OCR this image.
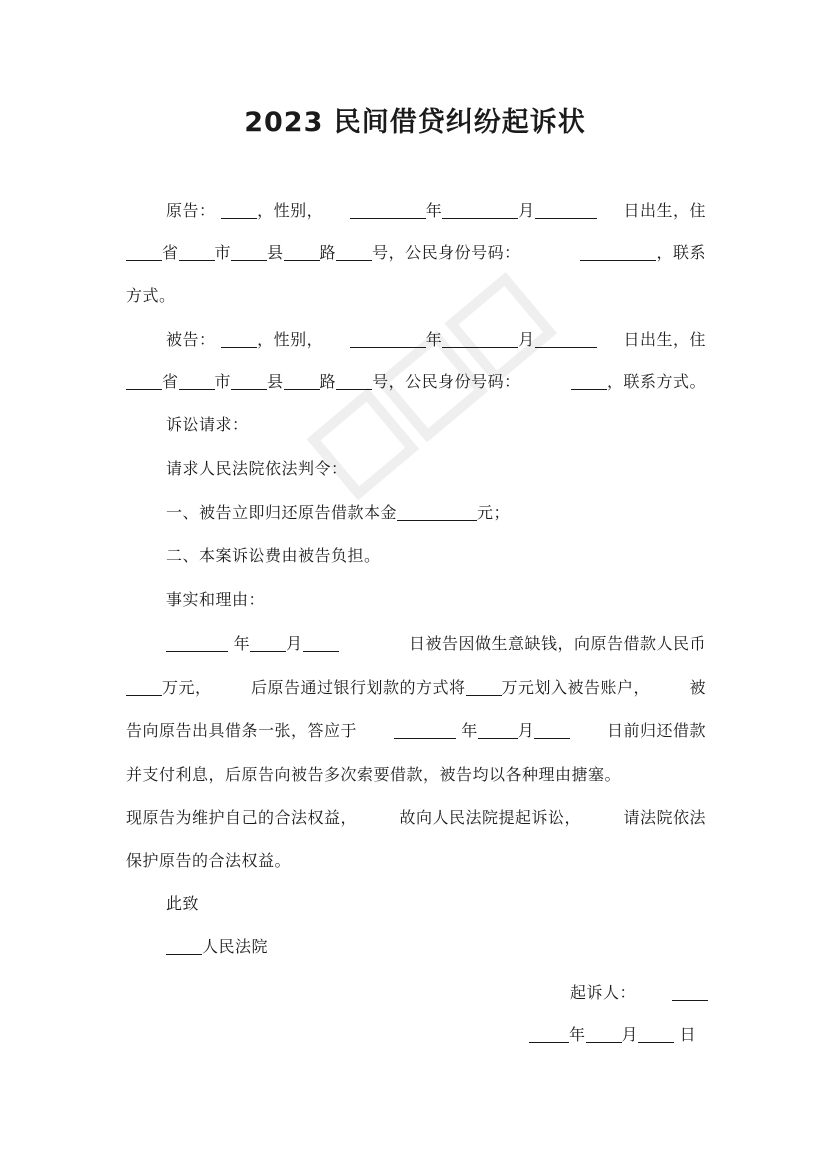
2023 民间借贷纠纷起诉状
原告：	，性别，	年	月	日出生，住
省 市 县 路 号，公民身份号码：	，联系
方式。
被告：	，性别，	年	月	日出生，住
省 市 县 路 号，公民身份号码：	，联系方式。
诉讼请求：
请求人民法院依法判令：
一、被告立即归还原告借款本金	元；
二、本案诉讼费由被告负担。
事实和理由：
年 月	日被告因做生意缺钱，向原告借款人民币
万元， 后原告通过银行划款的方式将 万元划入被告账户， 被
告向原告出具借条一张，答应于	年	月	日前归还借款
并支付利息，后原告向被告多次索要借款，被告均以各种理由搪塞。
现原告为维护自己的合法权益，	故向人民法院提起诉讼，	请法院依法
保护原告的合法权益。
此致
人民法院
起诉人：
年 月	日
